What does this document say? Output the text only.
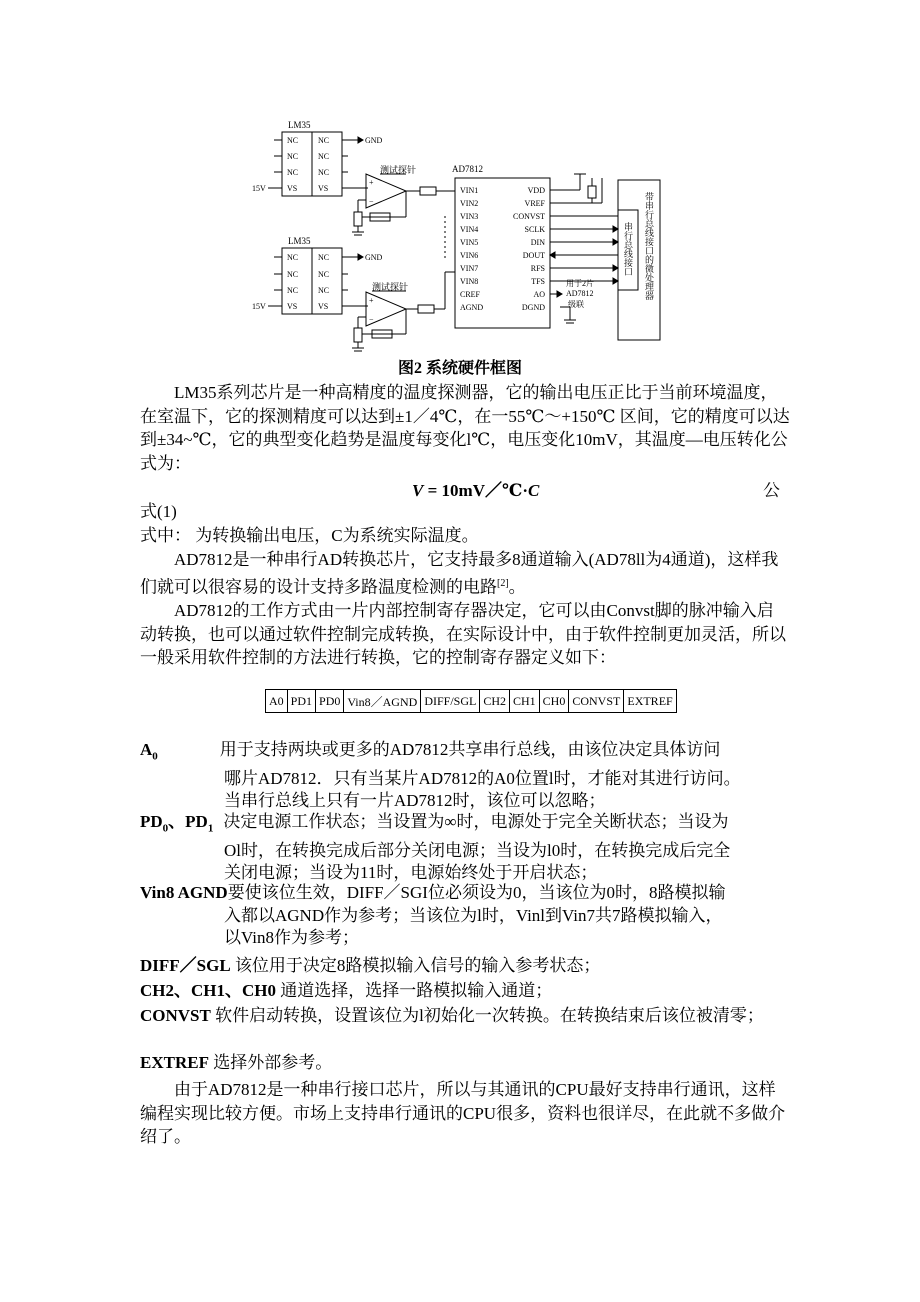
LM35
NC
NC
NC
VS
NC
NC
NC
VS
GND
15V
+
−
测试探针
LM35
NC
NC
NC
VS
NC
NC
NC
VS
GND
15V
+
−
测试探针
AD7812
VIN1
VIN2
VIN3
VIN4
VIN5
VIN6
VIN7
VIN8
CREF
AGND
VDD
VREF
CONVST
SCLK
DIN
DOUT
RFS
TFS
AO
DGND
用于2片
AD7812
级联
串行总线接口 带串行总线接口的微处理器
图2 系统硬件框图
LM35系列芯片是一种高精度的温度探测器，它的输出电压正比于当前环境温度，在室温下，它的探测精度可以达到±1／4℃，在一55℃～+150℃ 区间，它的精度可以达到±34~℃，它的典型变化趋势是温度每变化l℃，电压变化10mV，其温度—电压转化公式为：
V = 10mV／℃·C	公
式(1)
式中： 为转换输出电压，C为系统实际温度。
AD7812是一种串行AD转换芯片，它支持最多8通道输入(AD78ll为4通道)，这样我们就可以很容易的设计支持多路温度检测的电路[2]。
AD7812的工作方式由一片内部控制寄存器决定，它可以由Convst脚的脉冲输入启动转换，也可以通过软件控制完成转换，在实际设计中，由于软件控制更加灵活，所以一般采用软件控制的方法进行转换，它的控制寄存器定义如下：
A0	PD1	PD0	Vin8／AGND	DIFF/SGL	CH2	CH1	CH0	CONVST	EXTREF
$A_0$	用于支持两块或更多的AD7812共享串行总线，由该位决定具体访问
哪片AD7812．只有当某片AD7812的A0位置l时，才能对其进行访问。
当串行总线上只有一片AD7812时，该位可以忽略；
$PD_0$、$PD_1$ 决定电源工作状态；当设置为∞时，电源处于完全关断状态；当设为
Ol时，在转换完成后部分关闭电源；当设为l0时，在转换完成后完全
关闭电源；当设为11时，电源始终处于开启状态；
Vin8 AGND要使该位生效，DIFF／SGI位必须设为0，当该位为0时，8路模拟输
入都以AGND作为参考；当该位为l时，Vinl到Vin7共7路模拟输入，
以Vin8作为参考；
DIFF／SGL 该位用于决定8路模拟输入信号的输入参考状态；
CH2、CH1、CH0 通道选择，选择一路模拟输入通道；
CONVST 软件启动转换，设置该位为l初始化一次转换。在转换结束后该位被清零；
EXTREF 选择外部参考。
由于AD7812是一种串行接口芯片，所以与其通讯的CPU最好支持串行通讯，这样编程实现比较方便。市场上支持串行通讯的CPU很多，资料也很详尽，在此就不多做介绍了。
